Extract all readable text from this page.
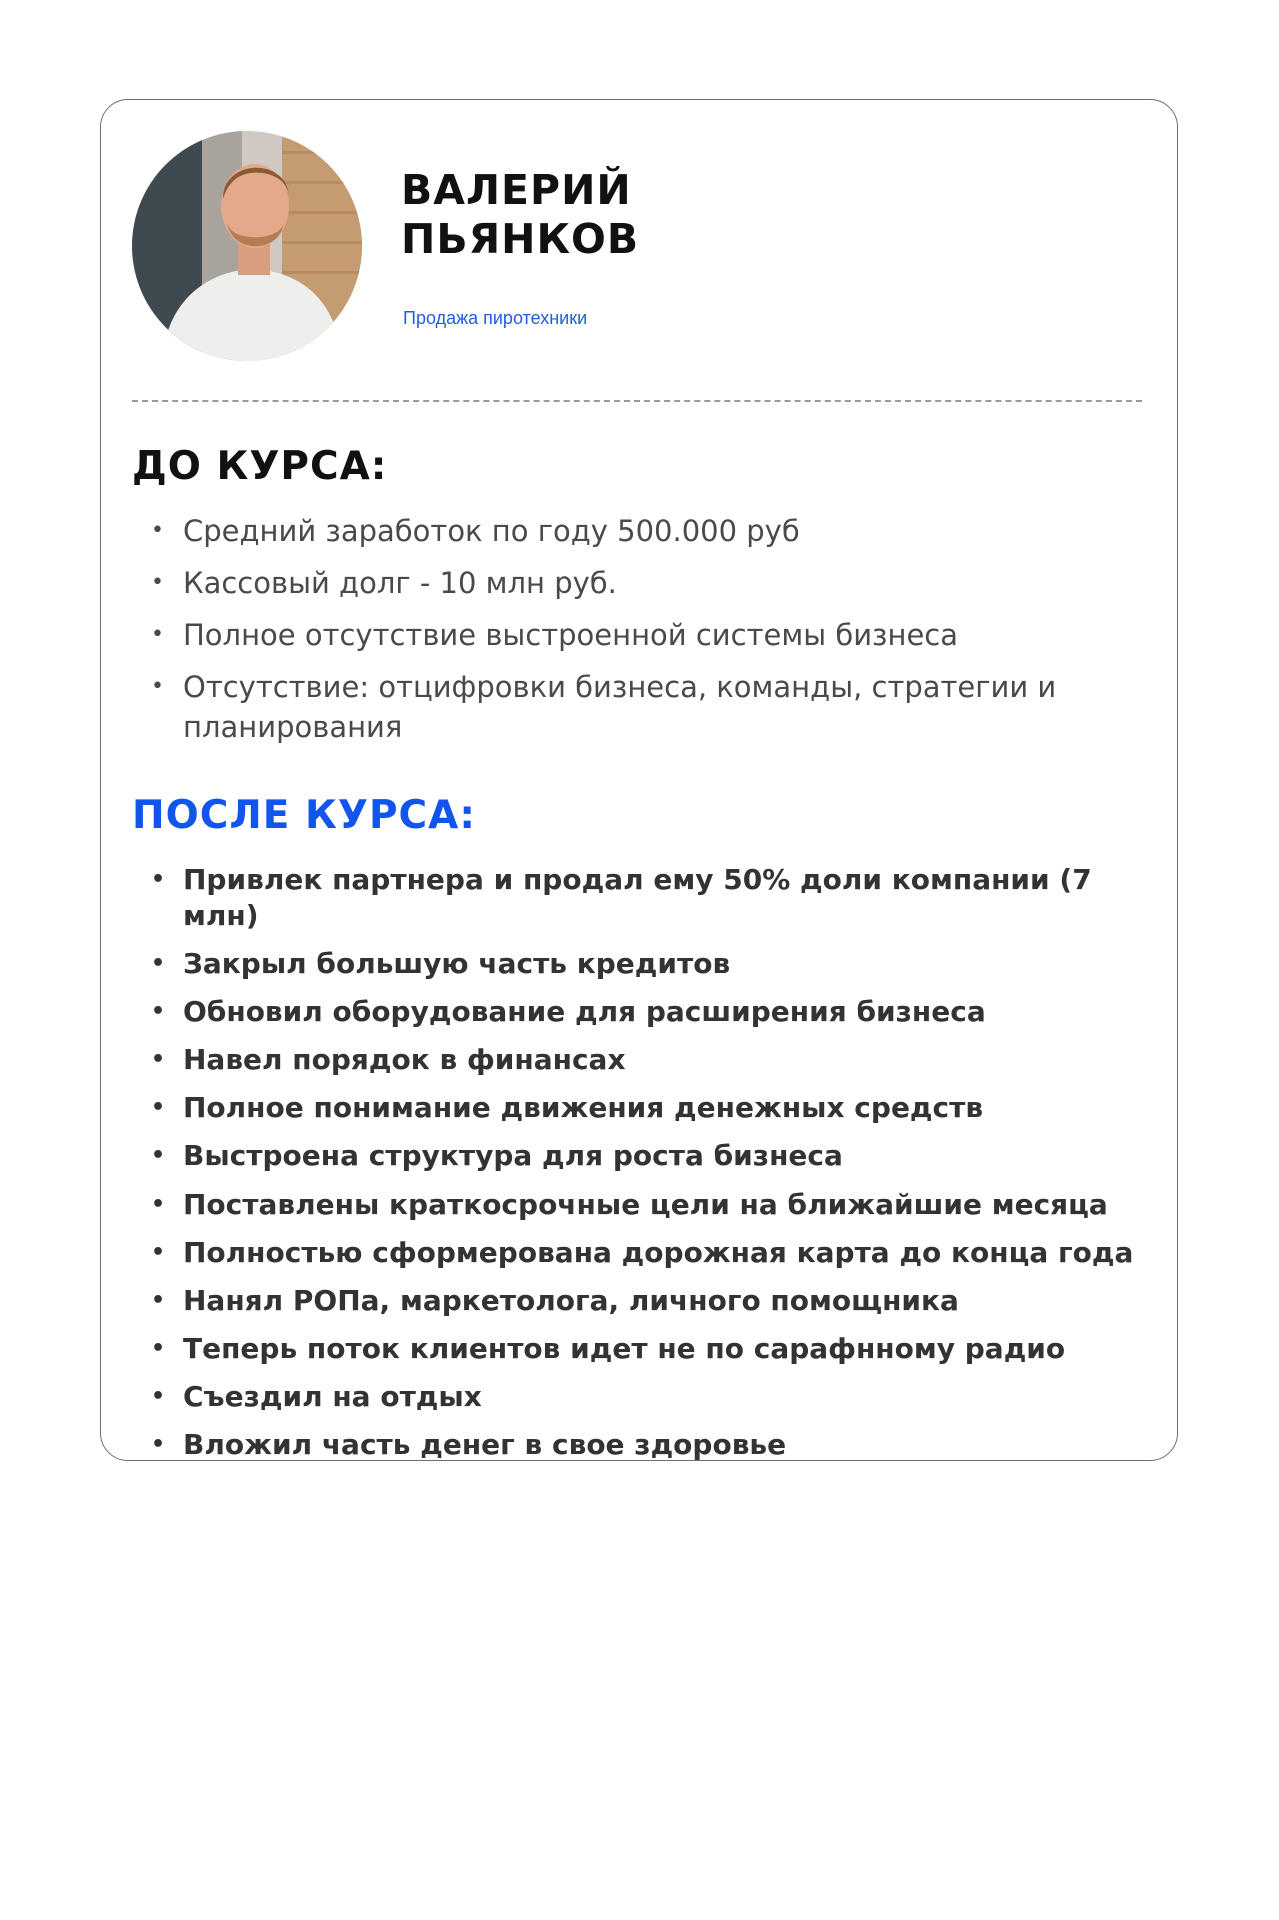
ВАЛЕРИЙ
ПЬЯНКОВ
Продажа пиротехники
ДО КУРСА:
• Средний заработок по году 500.000 руб
• Кассовый долг - 10 млн руб.
• Полное отсутствие выстроенной системы бизнеса
• Отсутствие: отцифровки бизнеса, команды, стратегии и планирования
ПОСЛЕ КУРСА:
• Привлек партнера и продал ему 50% доли компании (7 млн)
• Закрыл большую часть кредитов
• Обновил оборудование для расширения бизнеса
• Навел порядок в финансах
• Полное понимание движения денежных средств
• Выстроена структура для роста бизнеса
• Поставлены краткосрочные цели на ближайшие месяца
• Полностью сформерована дорожная карта до конца года
• Нанял РОПа, маркетолога, личного помощника
• Теперь поток клиентов идет не по сарафнному радио
• Съездил на отдых
• Вложил часть денег в свое здоровье
